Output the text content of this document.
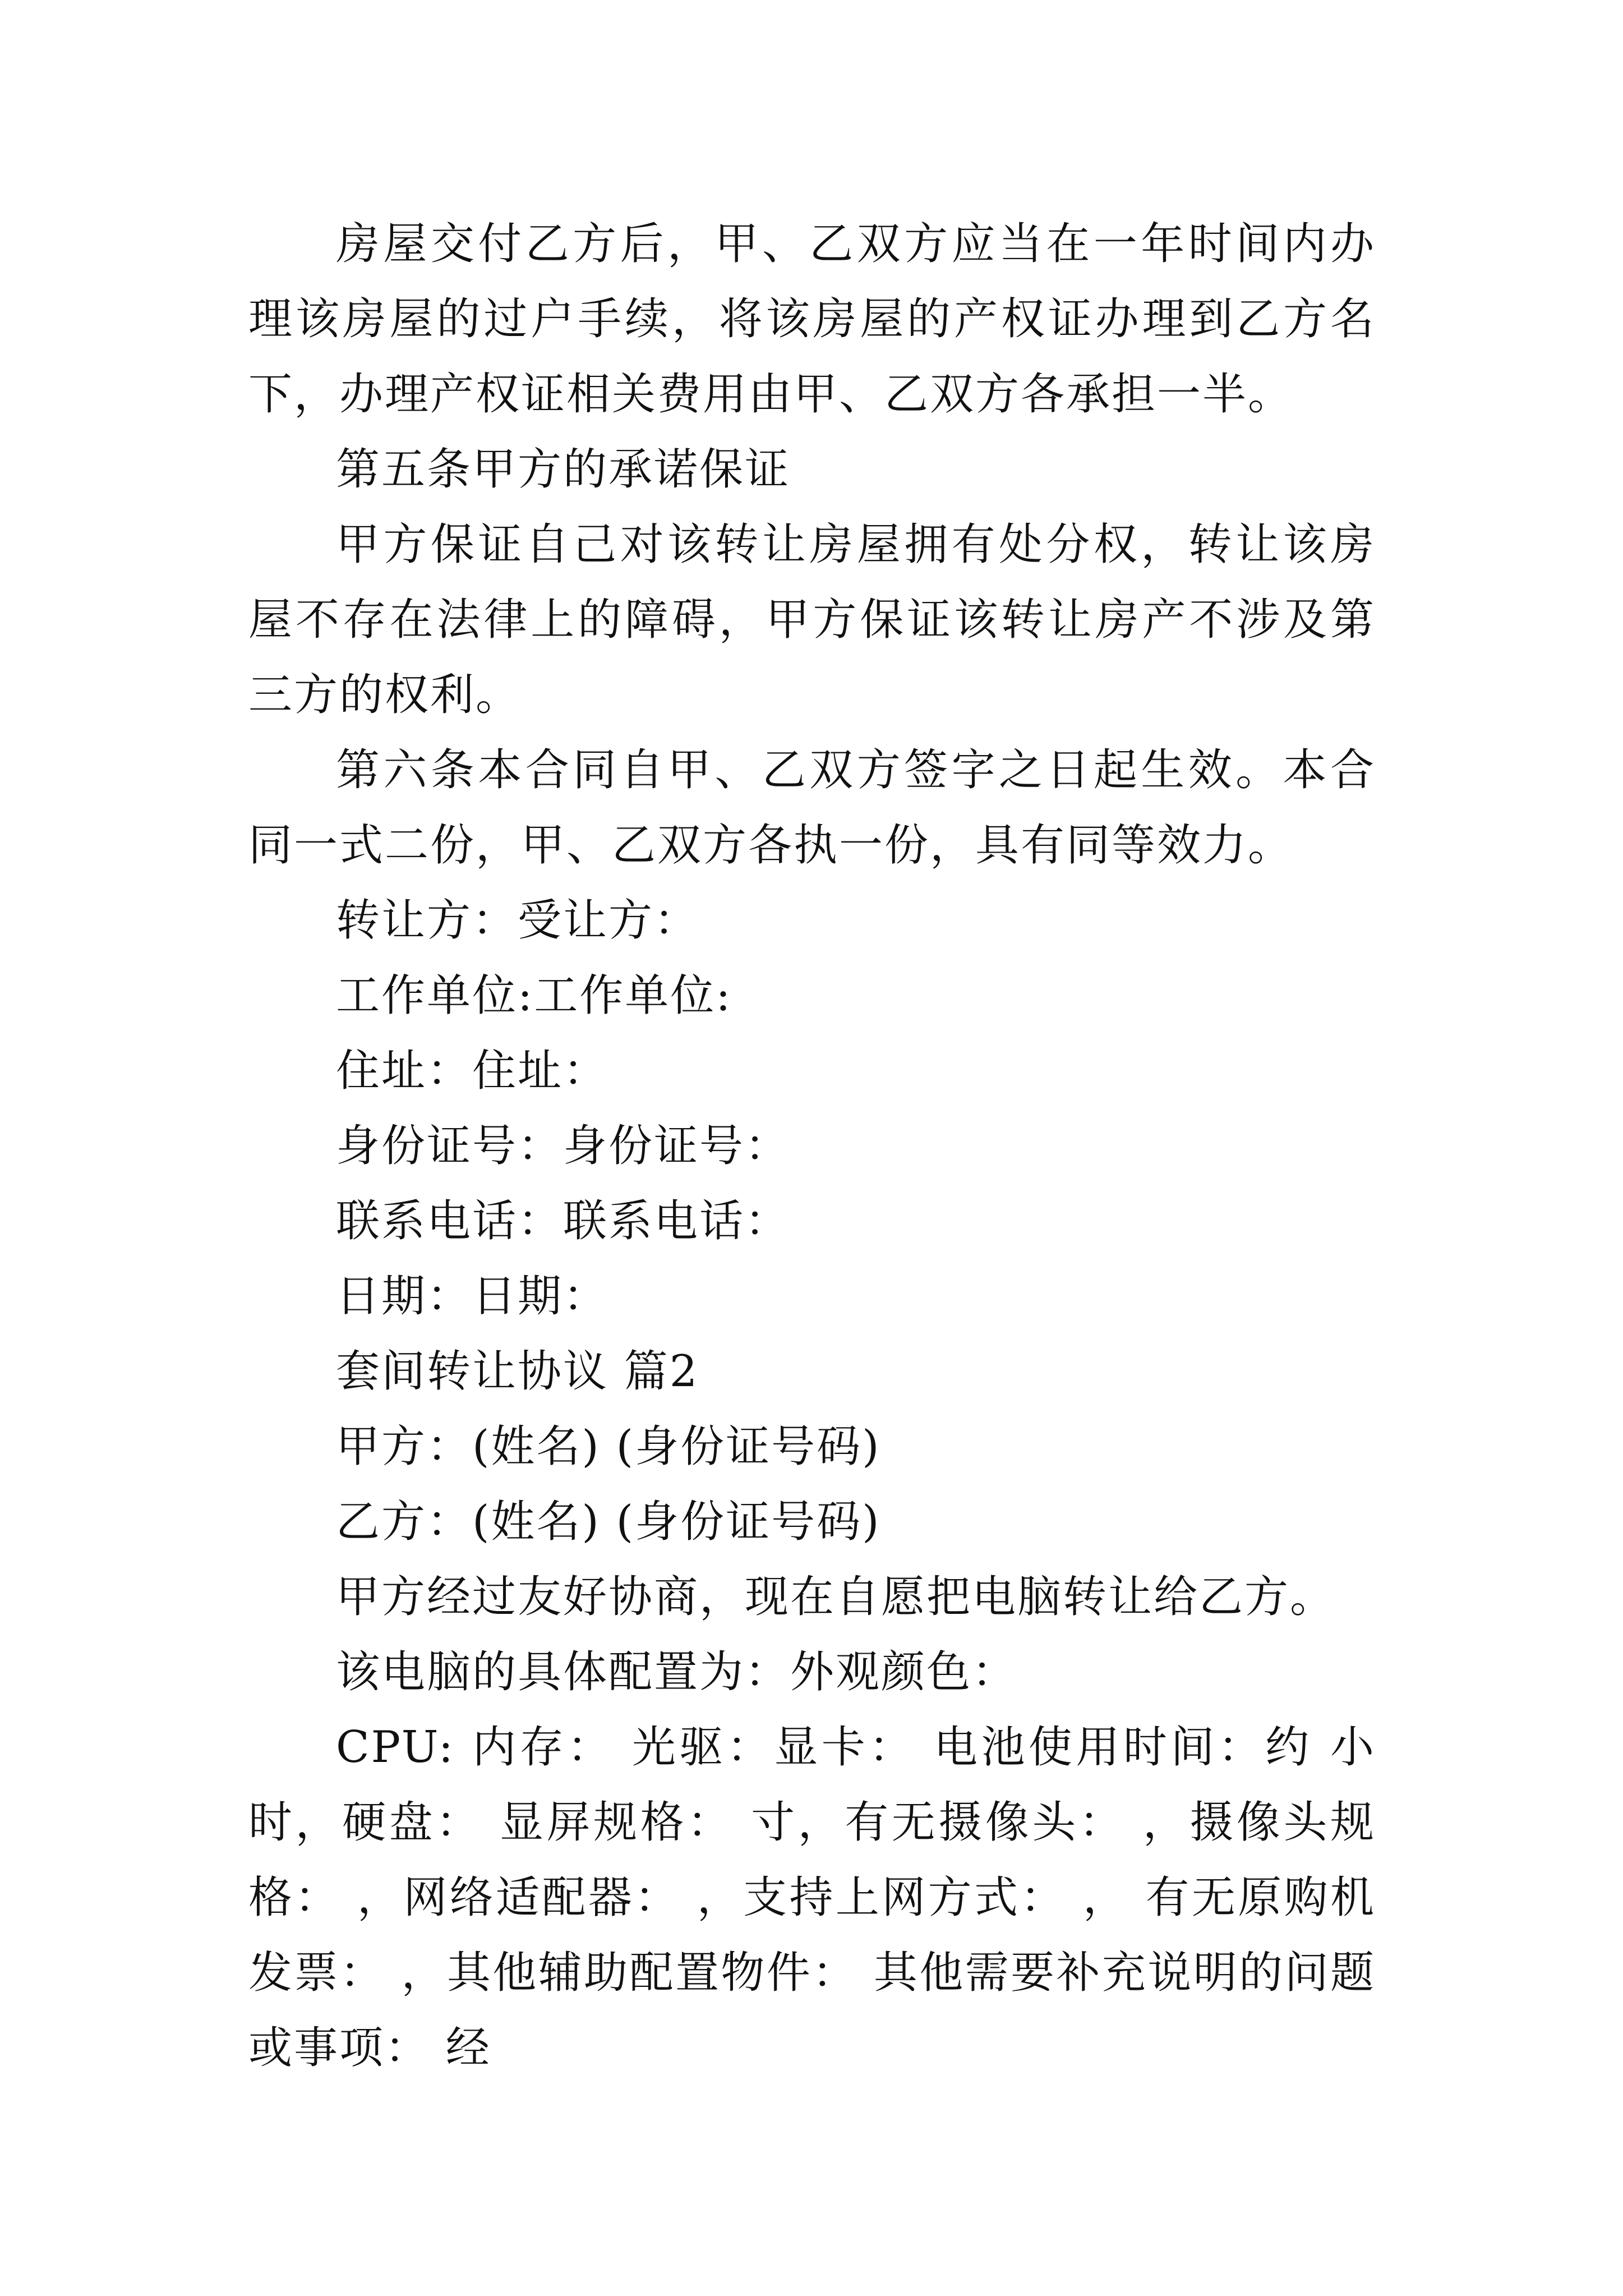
房屋交付乙方后，甲、乙双方应当在一年时间内办理该房屋的过户手续，将该房屋的产权证办理到乙方名下，办理产权证相关费用由甲、乙双方各承担一半。

第五条甲方的承诺保证

甲方保证自己对该转让房屋拥有处分权，转让该房屋不存在法律上的障碍，甲方保证该转让房产不涉及第三方的权利。

第六条本合同自甲、乙双方签字之日起生效。本合同一式二份，甲、乙双方各执一份，具有同等效力。

转让方：受让方：

工作单位:工作单位:

住址：住址：

身份证号：身份证号：

联系电话：联系电话：

日期：日期：

套间转让协议 篇2

甲方：(姓名) (身份证号码)

乙方：(姓名) (身份证号码)

甲方经过友好协商，现在自愿把电脑转让给乙方。

该电脑的具体配置为：外观颜色：

CPU: 内存： 光驱：显卡： 电池使用时间：约 小时，硬盘： 显屏规格： 寸，有无摄像头： ，摄像头规格： ，网络适配器： ，支持上网方式： ， 有无原购机发票： ，其他辅助配置物件： 其他需要补充说明的问题或事项： 经
